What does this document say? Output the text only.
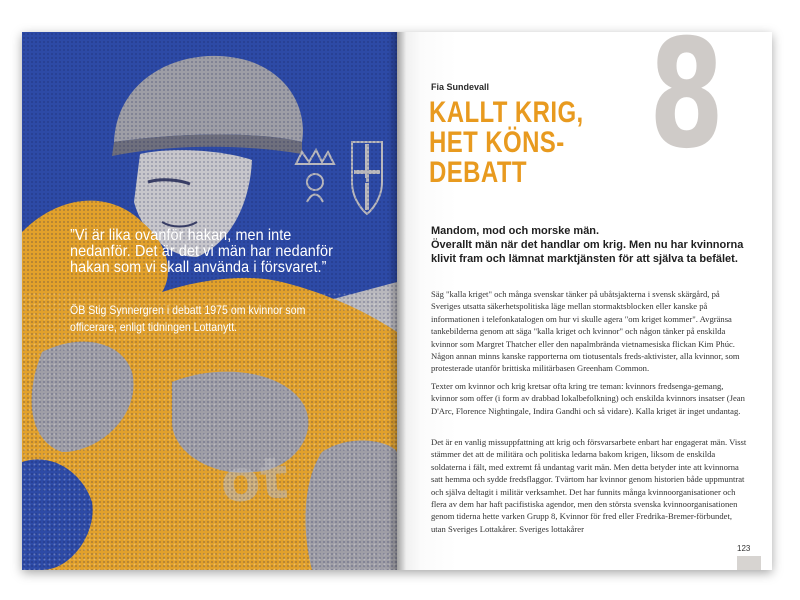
”Vi är lika ovanför hakan, men inte nedanför. Det är det vi män har nedanför hakan som vi skall använda i försvaret.”

ÖB Stig Synnergren i debatt 1975 om kvinnor som officerare, enligt tidningen Lottanytt.

8
Fia Sundevall
KALLT KRIG,
HET KÖNS-
DEBATT
Mandom, mod och morske män.
Överallt män när det handlar om krig. Men nu har kvinnorna klivit fram och lämnat marktjänsten för att själva ta befälet.

Säg "kalla kriget" och många svenskar tänker på ubåtsjakterna i svensk skärgård, på Sveriges utsatta säkerhetspolitiska läge mellan stormaktsblocken eller kanske på informationen i telefonkatalogen om hur vi skulle agera "om kriget kommer". Avgränsa tankebilderna genom att säga "kalla kriget och kvinnor" och någon tänker på enskilda kvinnor som Margret Thatcher eller den napalmbrända vietnamesiska flickan Kim Phúc. Någon annan minns kanske rapporterna om tiotusentals freds-aktivister, alla kvinnor, som protesterade utanför brittiska militärbasen Greenham Common.

Texter om kvinnor och krig kretsar ofta kring tre teman: kvinnors fredsenga-gemang, kvinnor som offer (i form av drabbad lokalbefolkning) och enskilda kvinnors insatser (Jean D'Arc, Florence Nightingale, Indira Gandhi och så vidare). Kalla kriget är inget undantag.

Det är en vanlig missuppfattning att krig och försvarsarbete enbart har engagerat män. Visst stämmer det att de militära och politiska ledarna bakom krigen, liksom de enskilda soldaterna i fält, med extremt få undantag varit män. Men detta betyder inte att kvinnorna satt hemma och sydde fredsflaggor. Tvärtom har kvinnor genom historien både uppmuntrat och själva deltagit i militär verksamhet. Det har funnits många kvinnoorganisationer och flera av dem har haft pacifistiska agendor, men den största svenska kvinnoorganisationen genom tiderna hette varken Grupp 8, Kvinnor för fred eller Fredrika-Bremer-förbundet, utan Sveriges Lottakårer. Sveriges lottakårer

123
